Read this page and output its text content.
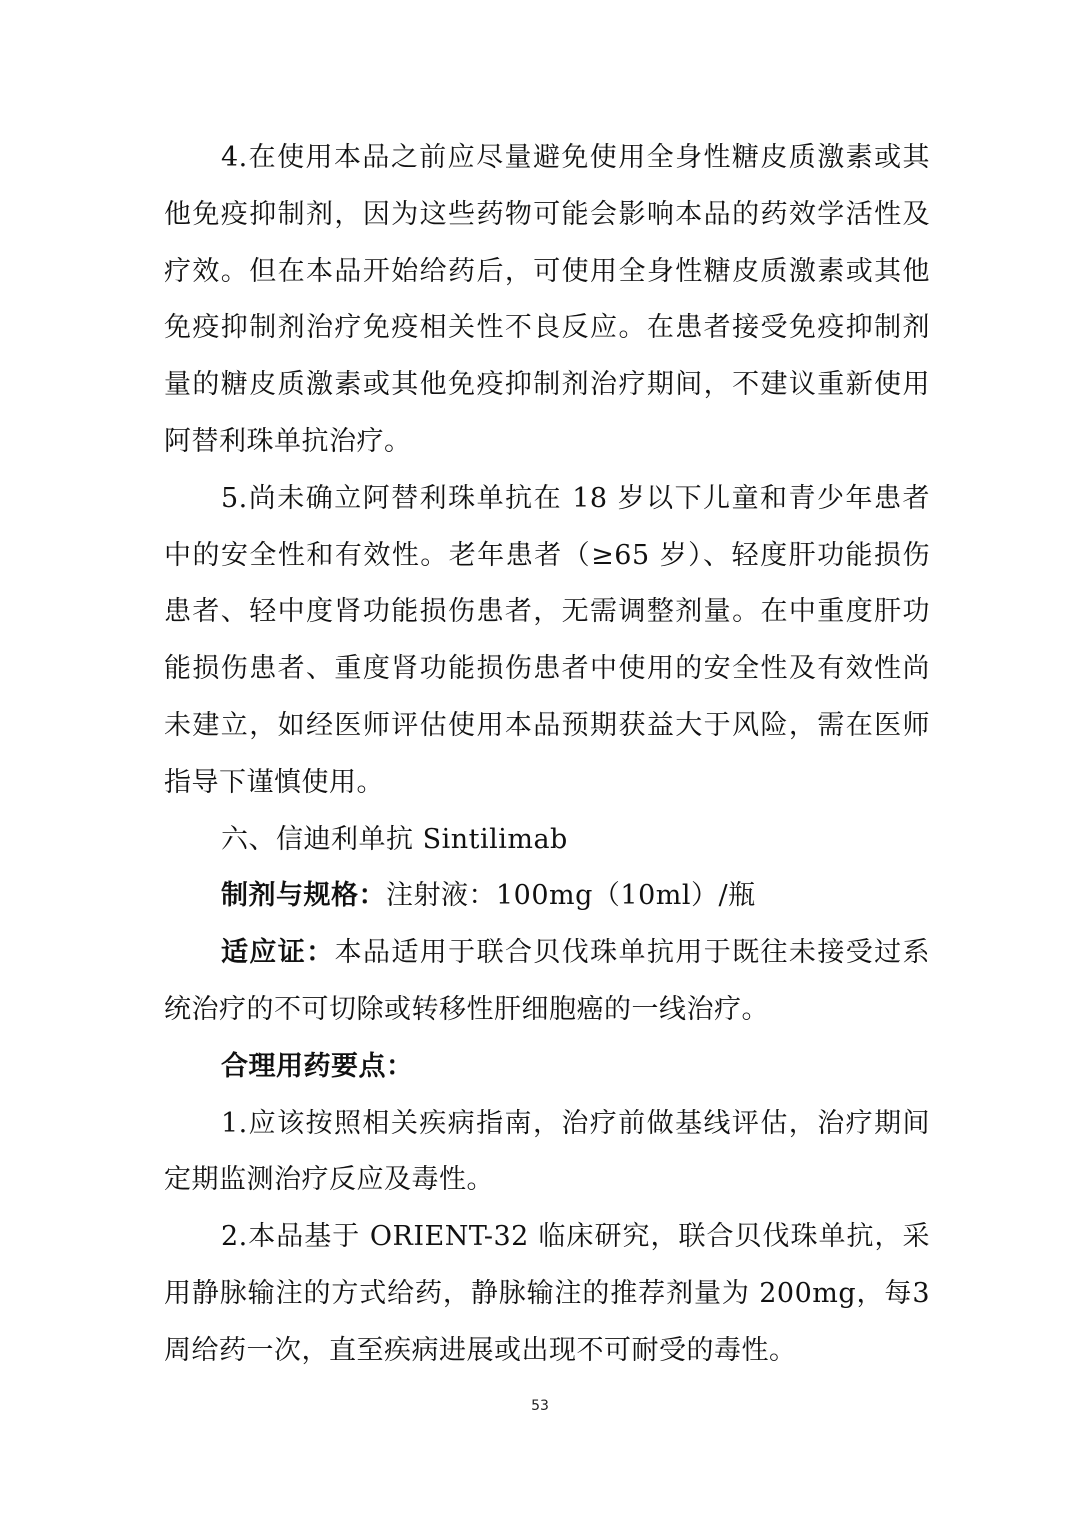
4.在使用本品之前应尽量避免使用全身性糖皮质激素或其他免疫抑制剂，因为这些药物可能会影响本品的药效学活性及疗效。但在本品开始给药后，可使用全身性糖皮质激素或其他免疫抑制剂治疗免疫相关性不良反应。在患者接受免疫抑制剂量的糖皮质激素或其他免疫抑制剂治疗期间，不建议重新使用阿替利珠单抗治疗。

5.尚未确立阿替利珠单抗在 18 岁以下儿童和青少年患者中的安全性和有效性。老年患者（≥65 岁）、轻度肝功能损伤患者、轻中度肾功能损伤患者，无需调整剂量。在中重度肝功能损伤患者、重度肾功能损伤患者中使用的安全性及有效性尚未建立，如经医师评估使用本品预期获益大于风险，需在医师指导下谨慎使用。

六、信迪利单抗 Sintilimab

制剂与规格：注射液：100mg（10ml）/瓶

适应证：本品适用于联合贝伐珠单抗用于既往未接受过系统治疗的不可切除或转移性肝细胞癌的一线治疗。

合理用药要点：

1.应该按照相关疾病指南，治疗前做基线评估，治疗期间定期监测治疗反应及毒性。

2.本品基于 ORIENT-32 临床研究，联合贝伐珠单抗，采用静脉输注的方式给药，静脉输注的推荐剂量为 200mg，每3 周给药一次，直至疾病进展或出现不可耐受的毒性。

53
